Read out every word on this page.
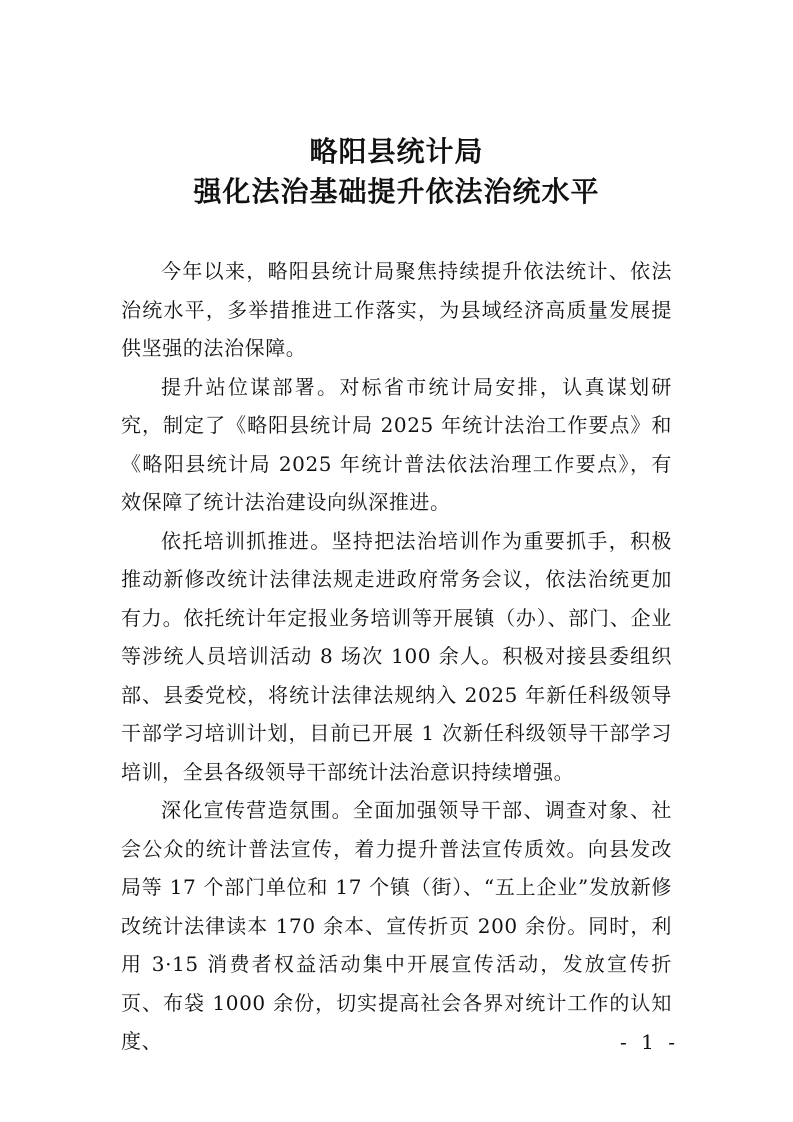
略阳县统计局
强化法治基础提升依法治统水平

今年以来，略阳县统计局聚焦持续提升依法统计、依法治统水平，多举措推进工作落实，为县域经济高质量发展提供坚强的法治保障。

提升站位谋部署。对标省市统计局安排，认真谋划研究，制定了《略阳县统计局 2025 年统计法治工作要点》和《略阳县统计局 2025 年统计普法依法治理工作要点》，有效保障了统计法治建设向纵深推进。

依托培训抓推进。坚持把法治培训作为重要抓手，积极推动新修改统计法律法规走进政府常务会议，依法治统更加有力。依托统计年定报业务培训等开展镇（办）、部门、企业等涉统人员培训活动 8 场次 100 余人。积极对接县委组织部、县委党校，将统计法律法规纳入 2025 年新任科级领导干部学习培训计划，目前已开展 1 次新任科级领导干部学习培训，全县各级领导干部统计法治意识持续增强。

深化宣传营造氛围。全面加强领导干部、调查对象、社会公众的统计普法宣传，着力提升普法宣传质效。向县发改局等 17 个部门单位和 17 个镇（街）、“五上企业”发放新修改统计法律读本 170 余本、宣传折页 200 余份。同时，利用 3·15 消费者权益活动集中开展宣传活动，发放宣传折页、布袋 1000 余份，切实提高社会各界对统计工作的认知度、	- 1 -
